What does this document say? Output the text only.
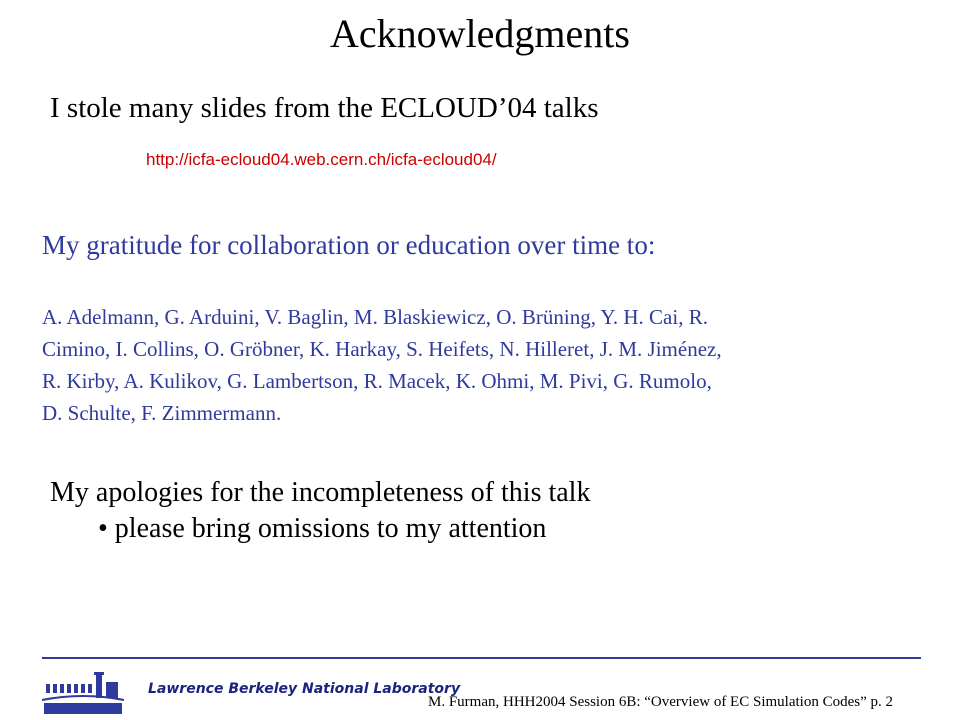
Acknowledgments
I stole many slides from the ECLOUD’04 talks
http://icfa-ecloud04.web.cern.ch/icfa-ecloud04/
My gratitude for collaboration or education over time to:
A. Adelmann, G. Arduini, V. Baglin, M. Blaskiewicz, O. Brüning, Y. H. Cai, R.
Cimino, I. Collins, O. Gröbner, K. Harkay, S. Heifets, N. Hilleret, J. M. Jiménez,
R. Kirby, A. Kulikov, G. Lambertson, R. Macek, K. Ohmi, M. Pivi, G. Rumolo,
D. Schulte, F. Zimmermann.
My apologies for the incompleteness of this talk
• please bring omissions to my attention
Lawrence Berkeley National Laboratory
M. Furman, HHH2004 Session 6B: “Overview of EC Simulation Codes” p. 2
